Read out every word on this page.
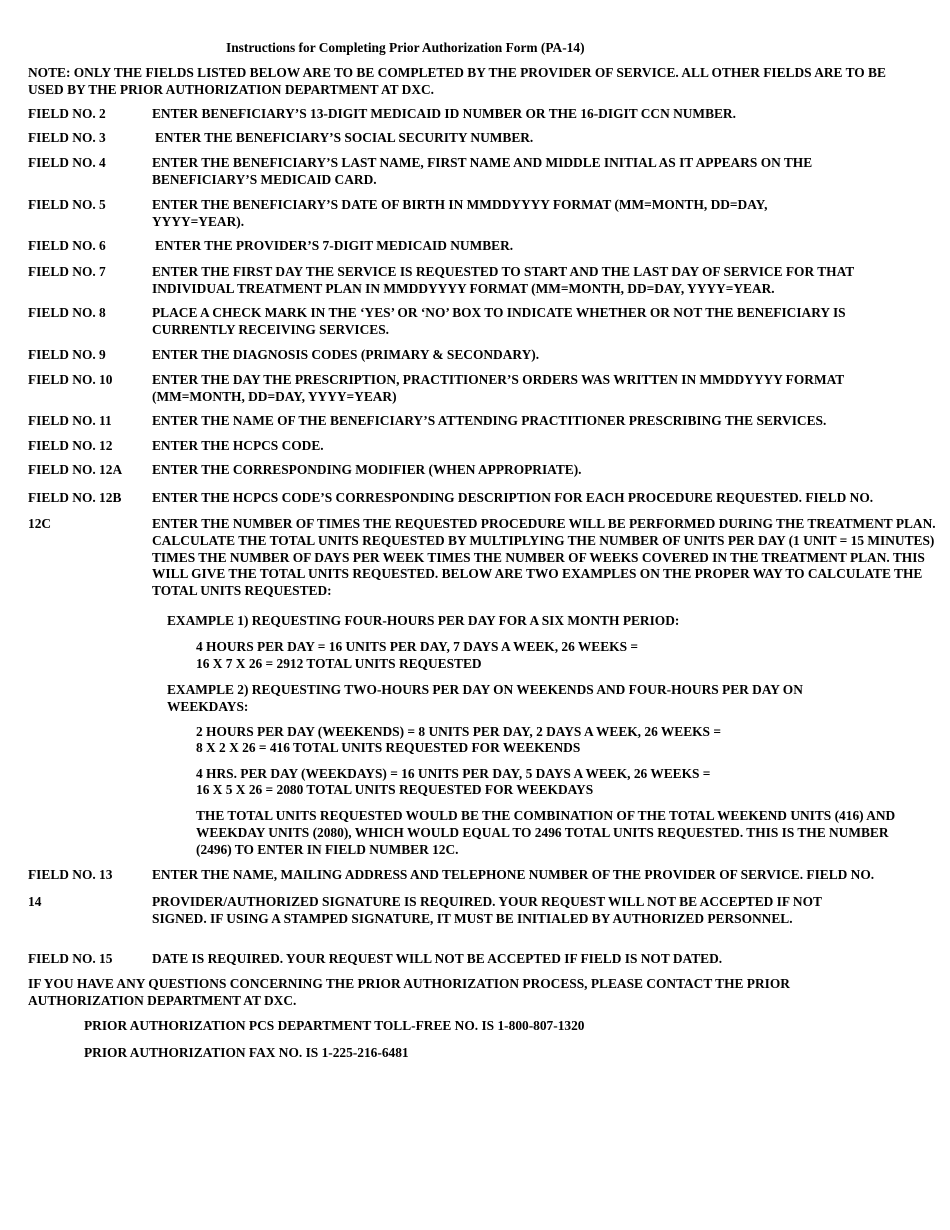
Instructions for Completing Prior Authorization Form (PA-14)
NOTE: ONLY THE FIELDS LISTED BELOW ARE TO BE COMPLETED BY THE PROVIDER OF SERVICE. ALL OTHER FIELDS ARE TO BE USED BY THE PRIOR AUTHORIZATION DEPARTMENT AT DXC.
FIELD NO. 2	ENTER BENEFICIARY’S 13-DIGIT MEDICAID ID NUMBER OR THE 16-DIGIT CCN NUMBER.
FIELD NO. 3	ENTER THE BENEFICIARY’S SOCIAL SECURITY NUMBER.
FIELD NO. 4	ENTER THE BENEFICIARY’S LAST NAME, FIRST NAME AND MIDDLE INITIAL AS IT APPEARS ON THE BENEFICIARY’S MEDICAID CARD.
FIELD NO. 5	ENTER THE BENEFICIARY’S DATE OF BIRTH IN MMDDYYYY FORMAT (MM=MONTH, DD=DAY, YYYY=YEAR).
FIELD NO. 6	ENTER THE PROVIDER’S 7-DIGIT MEDICAID NUMBER.
FIELD NO. 7	ENTER THE FIRST DAY THE SERVICE IS REQUESTED TO START AND THE LAST DAY OF SERVICE FOR THAT INDIVIDUAL TREATMENT PLAN IN MMDDYYYY FORMAT (MM=MONTH, DD=DAY, YYYY=YEAR.
FIELD NO. 8	PLACE A CHECK MARK IN THE ‘YES’ OR ‘NO’ BOX TO INDICATE WHETHER OR NOT THE BENEFICIARY IS CURRENTLY RECEIVING SERVICES.
FIELD NO. 9	ENTER THE DIAGNOSIS CODES (PRIMARY & SECONDARY).
FIELD NO. 10	ENTER THE DAY THE PRESCRIPTION, PRACTITIONER’S ORDERS WAS WRITTEN IN MMDDYYYY FORMAT (MM=MONTH, DD=DAY, YYYY=YEAR)
FIELD NO. 11	ENTER THE NAME OF THE BENEFICIARY’S ATTENDING PRACTITIONER PRESCRIBING THE SERVICES.
FIELD NO. 12	ENTER THE HCPCS CODE.
FIELD NO. 12A ENTER THE CORRESPONDING MODIFIER (WHEN APPROPRIATE).
FIELD NO. 12B ENTER THE HCPCS CODE’S CORRESPONDING DESCRIPTION FOR EACH PROCEDURE REQUESTED. FIELD NO.
12C	ENTER THE NUMBER OF TIMES THE REQUESTED PROCEDURE WILL BE PERFORMED DURING THE TREATMENT PLAN. CALCULATE THE TOTAL UNITS REQUESTED BY MULTIPLYING THE NUMBER OF UNITS PER DAY (1 UNIT = 15 MINUTES) TIMES THE NUMBER OF DAYS PER WEEK TIMES THE NUMBER OF WEEKS COVERED IN THE TREATMENT PLAN. THIS WILL GIVE THE TOTAL UNITS REQUESTED. BELOW ARE TWO EXAMPLES ON THE PROPER WAY TO CALCULATE THE TOTAL UNITS REQUESTED:
EXAMPLE 1) REQUESTING FOUR-HOURS PER DAY FOR A SIX MONTH PERIOD:
4 HOURS PER DAY = 16 UNITS PER DAY, 7 DAYS A WEEK, 26 WEEKS =
16 X 7 X 26 = 2912 TOTAL UNITS REQUESTED
EXAMPLE 2) REQUESTING TWO-HOURS PER DAY ON WEEKENDS AND FOUR-HOURS PER DAY ON WEEKDAYS:
2 HOURS PER DAY (WEEKENDS) = 8 UNITS PER DAY, 2 DAYS A WEEK, 26 WEEKS =
8 X 2 X 26 = 416 TOTAL UNITS REQUESTED FOR WEEKENDS
4 HRS. PER DAY (WEEKDAYS) = 16 UNITS PER DAY, 5 DAYS A WEEK, 26 WEEKS =
16 X 5 X 26 = 2080 TOTAL UNITS REQUESTED FOR WEEKDAYS
THE TOTAL UNITS REQUESTED WOULD BE THE COMBINATION OF THE TOTAL WEEKEND UNITS (416) AND WEEKDAY UNITS (2080), WHICH WOULD EQUAL TO 2496 TOTAL UNITS REQUESTED. THIS IS THE NUMBER (2496) TO ENTER IN FIELD NUMBER 12C.
FIELD NO. 13	ENTER THE NAME, MAILING ADDRESS AND TELEPHONE NUMBER OF THE PROVIDER OF SERVICE. FIELD NO.
14	PROVIDER/AUTHORIZED SIGNATURE IS REQUIRED. YOUR REQUEST WILL NOT BE ACCEPTED IF NOT SIGNED. IF USING A STAMPED SIGNATURE, IT MUST BE INITIALED BY AUTHORIZED PERSONNEL.
FIELD NO. 15	DATE IS REQUIRED. YOUR REQUEST WILL NOT BE ACCEPTED IF FIELD IS NOT DATED.
IF YOU HAVE ANY QUESTIONS CONCERNING THE PRIOR AUTHORIZATION PROCESS, PLEASE CONTACT THE PRIOR AUTHORIZATION DEPARTMENT AT DXC.
PRIOR AUTHORIZATION PCS DEPARTMENT TOLL-FREE NO. IS 1-800-807-1320
PRIOR AUTHORIZATION FAX NO. IS 1-225-216-6481
